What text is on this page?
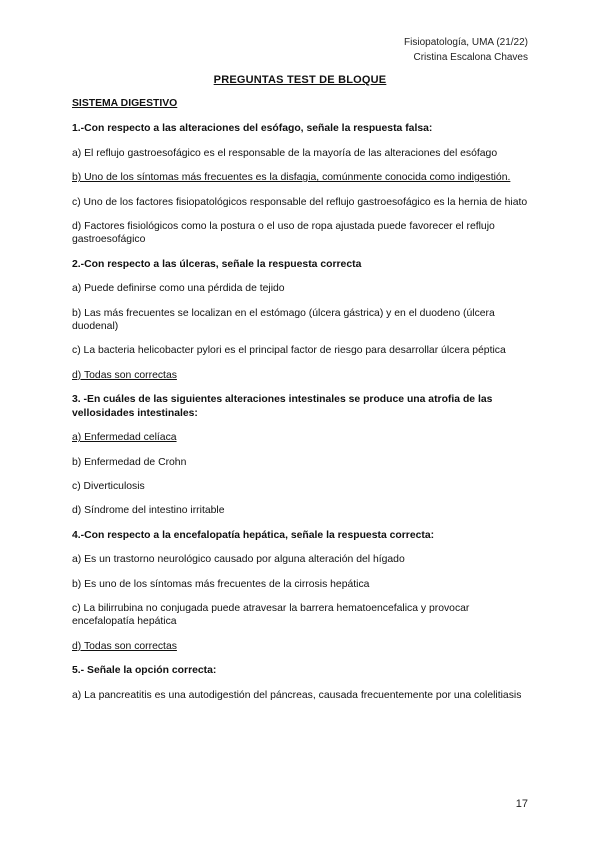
Fisiopatología, UMA (21/22)
Cristina Escalona Chaves
PREGUNTAS TEST DE BLOQUE
SISTEMA DIGESTIVO
1.-Con respecto a las alteraciones del esófago, señale la respuesta falsa:
a) El reflujo gastroesofágico es el responsable de la mayoría de las alteraciones del esófago
b) Uno de los síntomas más frecuentes es la disfagia, comúnmente conocida como indigestión.
c) Uno de los factores fisiopatológicos responsable del reflujo gastroesofágico es la hernia de hiato
d) Factores fisiológicos como la postura o el uso de ropa ajustada puede favorecer el reflujo gastroesofágico
2.-Con respecto a las úlceras, señale la respuesta correcta
a) Puede definirse como una pérdida de tejido
b) Las más frecuentes se localizan en el estómago (úlcera gástrica) y en el duodeno (úlcera duodenal)
c) La bacteria helicobacter pylori es el principal factor de riesgo para desarrollar úlcera péptica
d) Todas son correctas
3. -En cuáles de las siguientes alteraciones intestinales se produce una atrofia de las vellosidades intestinales:
a) Enfermedad celíaca
b) Enfermedad de Crohn
c) Diverticulosis
d) Síndrome del intestino irritable
4.-Con respecto a la encefalopatía hepática, señale la respuesta correcta:
a) Es un trastorno neurológico causado por alguna alteración del hígado
b) Es uno de los síntomas más frecuentes de la cirrosis hepática
c) La bilirrubina no conjugada puede atravesar la barrera hematoencefalica y provocar encefalopatía hepática
d) Todas son correctas
5.- Señale la opción correcta:
a) La pancreatitis es una autodigestión del páncreas, causada frecuentemente por una colelitiasis
17
